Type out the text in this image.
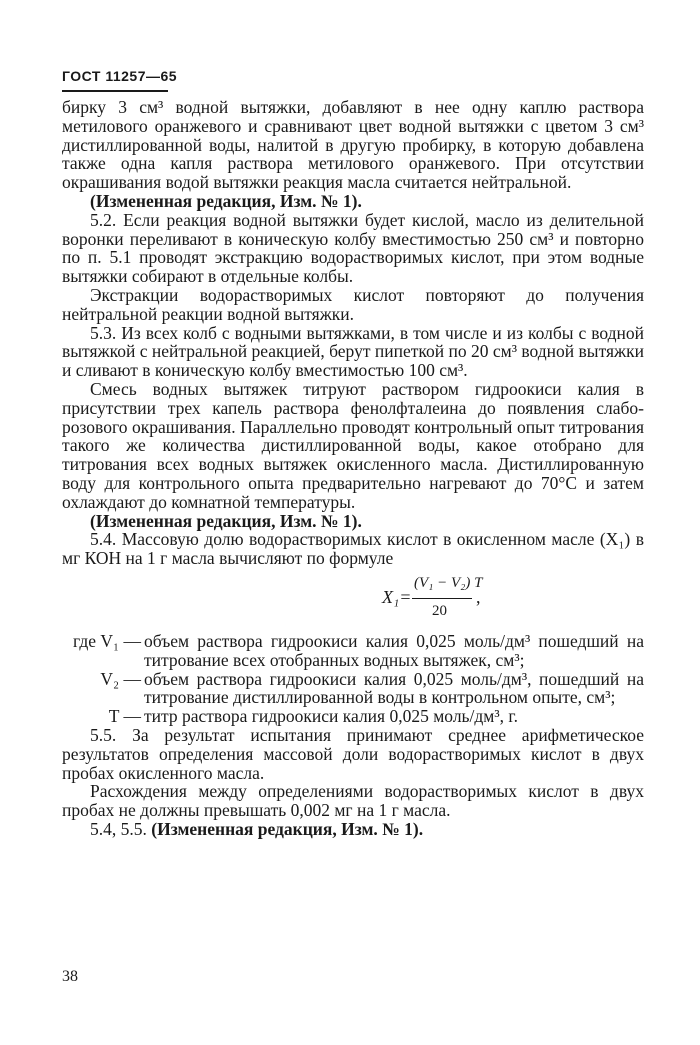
ГОСТ 11257—65

бирку 3 см³ водной вытяжки, добавляют в нее одну каплю раствора метилового оранжевого и сравнивают цвет водной вытяжки с цветом 3 см³ дистиллированной воды, налитой в другую пробирку, в которую добавлена также одна капля раствора метилового оранжевого. При отсутствии окрашивания водой вытяжки реакция масла считается нейтральной.

(Измененная редакция, Изм. № 1).

5.2. Если реакция водной вытяжки будет кислой, масло из делительной воронки переливают в коническую колбу вместимостью 250 см³ и повторно по п. 5.1 проводят экстракцию водорастворимых кислот, при этом водные вытяжки собирают в отдельные колбы.

Экстракции водорастворимых кислот повторяют до получения нейтральной реакции водной вытяжки.

5.3. Из всех колб с водными вытяжками, в том числе и из колбы с водной вытяжкой с нейтральной реакцией, берут пипеткой по 20 см³ водной вытяжки и сливают в коническую колбу вместимостью 100 см³.

Смесь водных вытяжек титруют раствором гидроокиси калия в присутствии трех капель раствора фенолфталеина до появления слабо-розового окрашивания. Параллельно проводят контрольный опыт титрования такого же количества дистиллированной воды, какое отобрано для титрования всех водных вытяжек окисленного масла. Дистиллированную воду для контрольного опыта предварительно нагревают до 70°С и затем охлаждают до комнатной температуры.

(Измененная редакция, Изм. № 1).

5.4. Массовую долю водорастворимых кислот в окисленном масле (X₁) в мг КОН на 1 г масла вычисляют по формуле

X₁=
(V₁ − V₂) T
20
,
где V₁ — объем раствора гидроокиси калия 0,025 моль/дм³ пошедший на титрование всех отобранных водных вытяжек, см³;
V₂ — объем раствора гидроокиси калия 0,025 моль/дм³, пошедший на титрование дистиллированной воды в контрольном опыте, см³;
T — титр раствора гидроокиси калия 0,025 моль/дм³, г.

5.5. За результат испытания принимают среднее арифметическое результатов определения массовой доли водорастворимых кислот в двух пробах окисленного масла.

Расхождения между определениями водорастворимых кислот в двух пробах не должны превышать 0,002 мг на 1 г масла.

5.4, 5.5. (Измененная редакция, Изм. № 1).

38
